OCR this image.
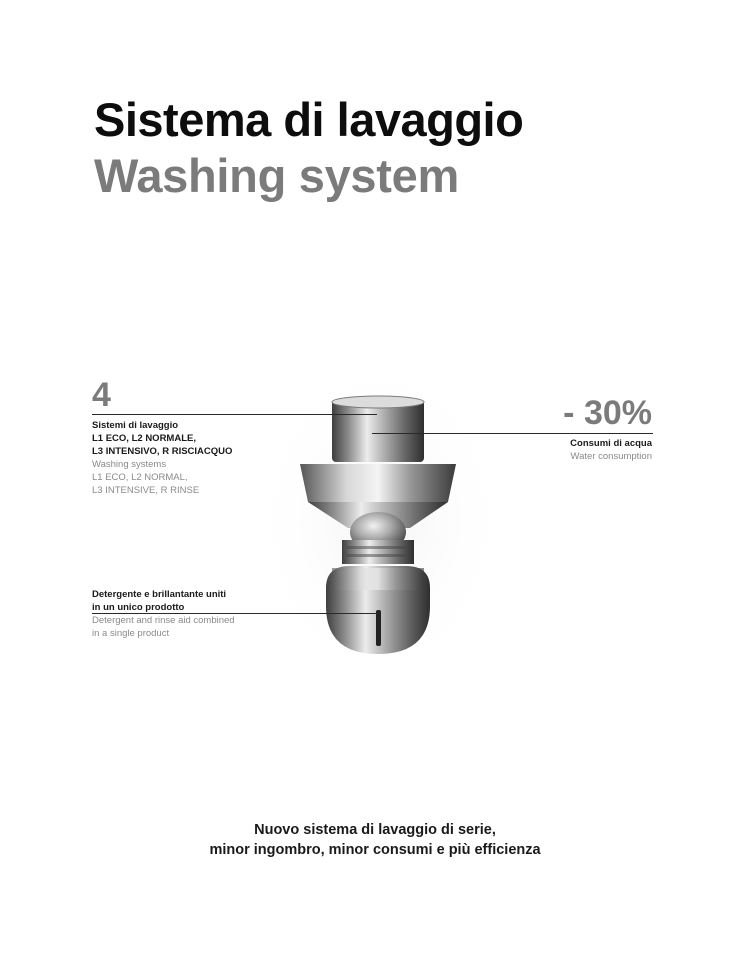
Sistema di lavaggio
Washing system
4
Sistemi di lavaggio
L1 ECO, L2 NORMALE,
L3 INTENSIVO, R RISCIACQUO
Washing systems
L1 ECO, L2 NORMAL,
L3 INTENSIVE, R RINSE
- 30%
Consumi di acqua
Water consumption
Detergente e brillantante uniti
in un unico prodotto
Detergent and rinse aid combined
in a single product
Nuovo sistema di lavaggio di serie,
minor ingombro, minor consumi e più efficienza
